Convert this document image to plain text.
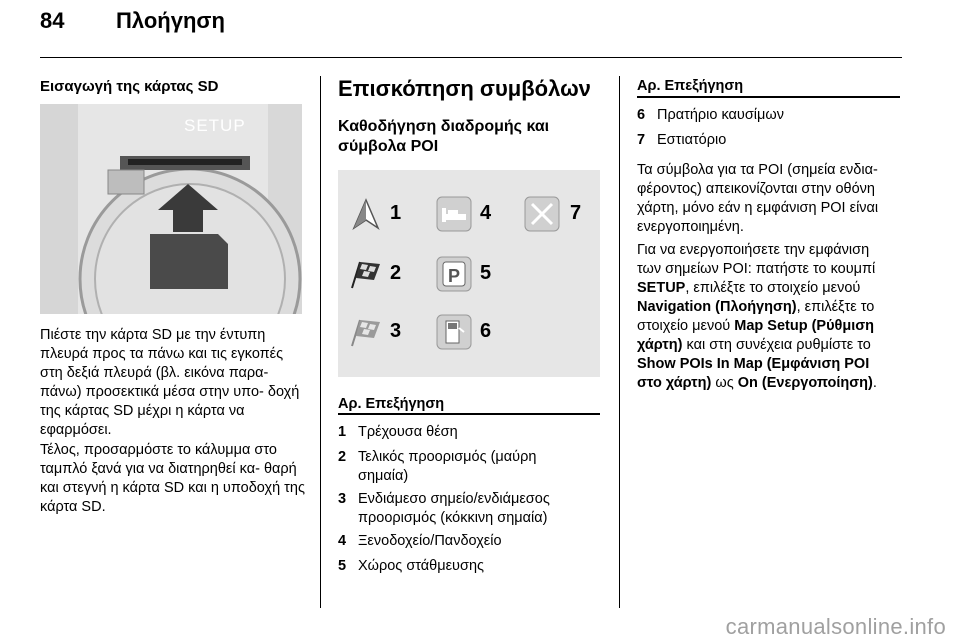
84 Πλοήγηση
Εισαγωγή της κάρτας SD
SETUP
Πιέστε την κάρτα SD με την έντυπη πλευρά προς τα πάνω και τις εγκοπές στη δεξιά πλευρά (βλ. εικόνα παρα- πάνω) προσεκτικά μέσα στην υπο- δοχή της κάρτας SD μέχρι η κάρτα να εφαρμόσει.
Τέλος, προσαρμόστε το κάλυμμα στο ταμπλό ξανά για να διατηρηθεί κα- θαρή και στεγνή η κάρτα SD και η υποδοχή της κάρτα SD.
Επισκόπηση συμβόλων
Καθοδήγηση διαδρομής και
σύμβολα POI
1
2
3
4
P 5
6
7
Αρ. Επεξήγηση
1 Τρέχουσα θέση
2 Τελικός προορισμός (μαύρη
σημαία)
3 Ενδιάμεσο σημείο/ενδιάμεσος
προορισμός (κόκκινη σημαία)
4 Ξενοδοχείο/Πανδοχείο
5 Χώρος στάθμευσης
Αρ. Επεξήγηση
6 Πρατήριο καυσίμων
7 Εστιατόριο
Τα σύμβολα για τα POI (σημεία ενδια- φέροντος) απεικονίζονται στην οθόνη χάρτη, μόνο εάν η εμφάνιση POI είναι ενεργοποιημένη.
Για να ενεργοποιήσετε την εμφάνιση
των σημείων POI: πατήστε το κουμπί
SETUP, επιλέξτε το στοιχείο μενού
Navigation (Πλοήγηση), επιλέξτε το
στοιχείο μενού Map Setup (Ρύθμιση
χάρτη) και στη συνέχεια ρυθμίστε το
Show POIs In Map (Εμφάνιση POI
στο χάρτη) ως On (Ενεργοποίηση).
carmanualsonline.info
